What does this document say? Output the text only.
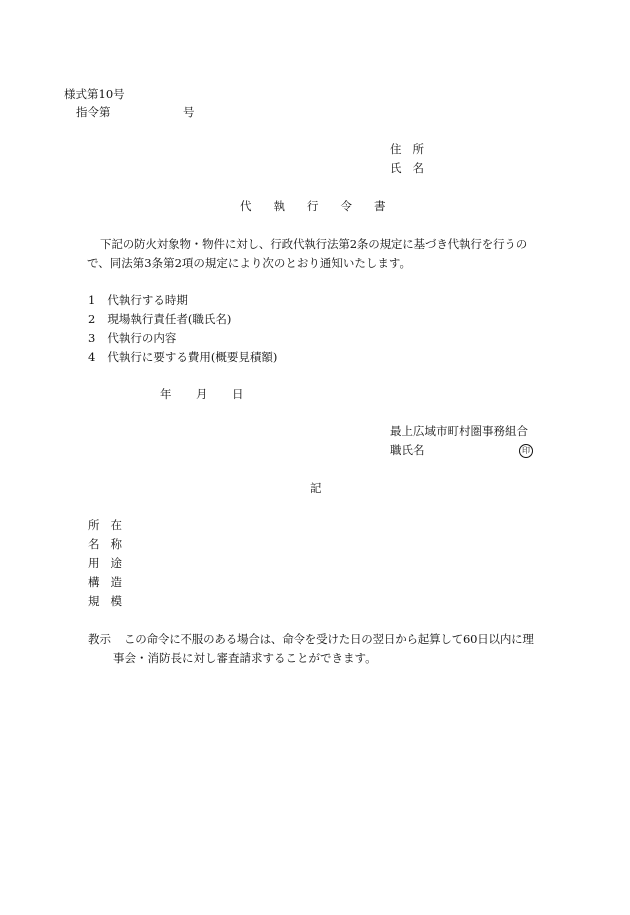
様式第10号
指令第	号
住 所
氏 名
代 執 行 令 書
下記の防火対象物・物件に対し、行政代執行法第2条の規定に基づき代執行を行うの
で、同法第3条第2項の規定により次のとおり通知いたします。
1 代執行する時期
2 現場執行責任者(職氏名)
3 代執行の内容
4 代執行に要する費用(概要見積額)
年 月 日
最上広域市町村圏事務組合
職氏名	印
記
所 在
名 称
用 途
構 造
規 模
教示 この命令に不服のある場合は、命令を受けた日の翌日から起算して60日以内に理
事会・消防長に対し審査請求することができます。
